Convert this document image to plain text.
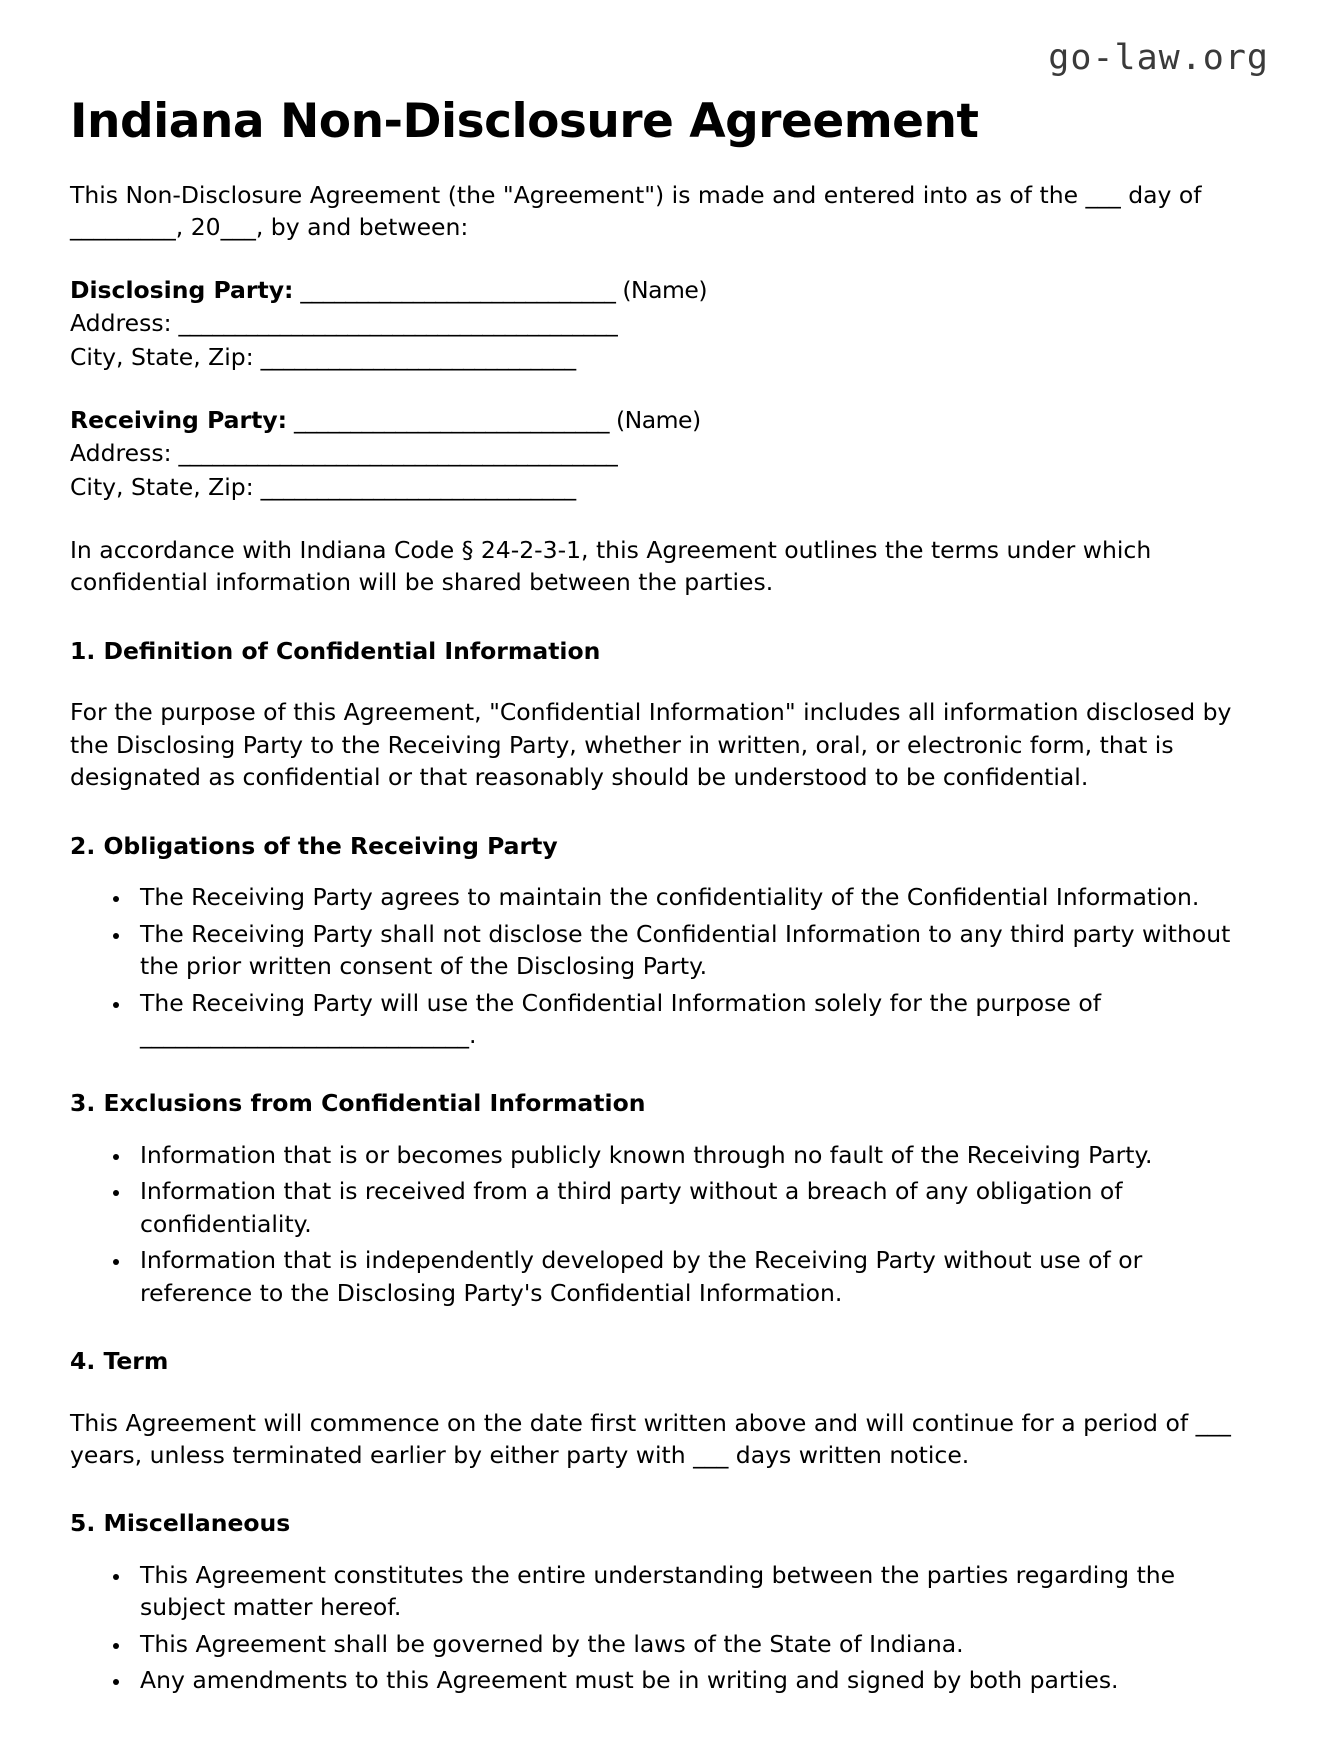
go-law.org
Indiana Non-Disclosure Agreement

This Non-Disclosure Agreement (the "Agreement") is made and entered into as of the ___ day of _________, 20___, by and between:

Disclosing Party: ____________________________ (Name)
Address: _______________________________________
City, State, Zip: ____________________________
Receiving Party: ____________________________ (Name)
Address: _______________________________________
City, State, Zip: ____________________________

In accordance with Indiana Code § 24-2-3-1, this Agreement outlines the terms under which confidential information will be shared between the parties.

1. Definition of Confidential Information

For the purpose of this Agreement, "Confidential Information" includes all information disclosed by the Disclosing Party to the Receiving Party, whether in written, oral, or electronic form, that is designated as confidential or that reasonably should be understood to be confidential.

2. Obligations of the Receiving Party
• The Receiving Party agrees to maintain the confidentiality of the Confidential Information.
• The Receiving Party shall not disclose the Confidential Information to any third party without the prior written consent of the Disclosing Party.
• The Receiving Party will use the Confidential Information solely for the purpose of ____________________________.
3. Exclusions from Confidential Information
• Information that is or becomes publicly known through no fault of the Receiving Party.
• Information that is received from a third party without a breach of any obligation of confidentiality.
• Information that is independently developed by the Receiving Party without use of or reference to the Disclosing Party's Confidential Information.
4. Term

This Agreement will commence on the date first written above and will continue for a period of ___ years, unless terminated earlier by either party with ___ days written notice.

5. Miscellaneous
• This Agreement constitutes the entire understanding between the parties regarding the subject matter hereof.
• This Agreement shall be governed by the laws of the State of Indiana.
• Any amendments to this Agreement must be in writing and signed by both parties.
